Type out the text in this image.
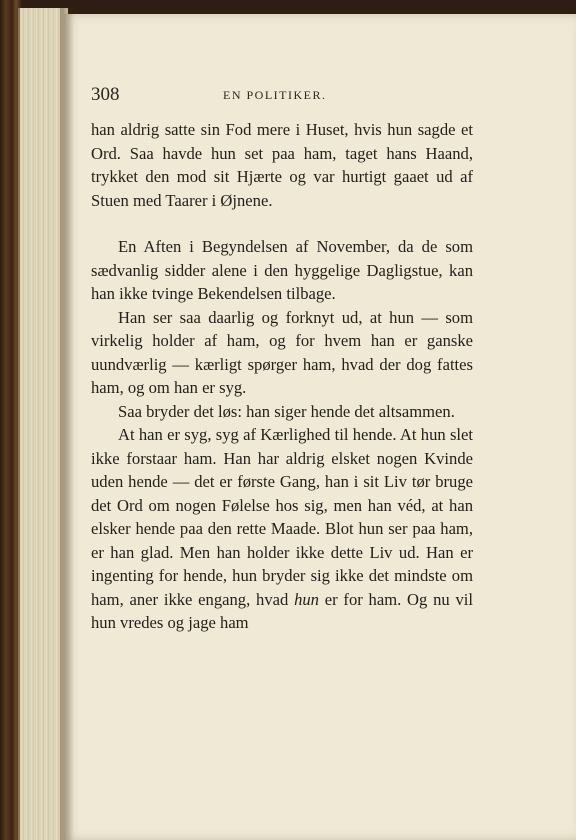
308	EN POLITIKER.

han aldrig satte sin Fod mere i Huset, hvis hun sagde et Ord. Saa havde hun set paa ham, taget hans Haand, trykket den mod sit Hjærte og var hurtigt gaaet ud af Stuen med Taarer i Øjnene.

En Aften i Begyndelsen af November, da de som sædvanlig sidder alene i den hyggelige Dagligstue, kan han ikke tvinge Bekendelsen tilbage.

Han ser saa daarlig og forknyt ud, at hun — som virkelig holder af ham, og for hvem han er ganske uundværlig — kærligt spørger ham, hvad der dog fattes ham, og om han er syg.

Saa bryder det løs: han siger hende det altsammen.

At han er syg, syg af Kærlighed til hende. At hun slet ikke forstaar ham. Han har aldrig elsket nogen Kvinde uden hende — det er første Gang, han i sit Liv tør bruge det Ord om nogen Følelse hos sig, men han véd, at han elsker hende paa den rette Maade. Blot hun ser paa ham, er han glad. Men han holder ikke dette Liv ud. Han er ingenting for hende, hun bryder sig ikke det mindste om ham, aner ikke engang, hvad hun er for ham. Og nu vil hun vredes og jage ham
